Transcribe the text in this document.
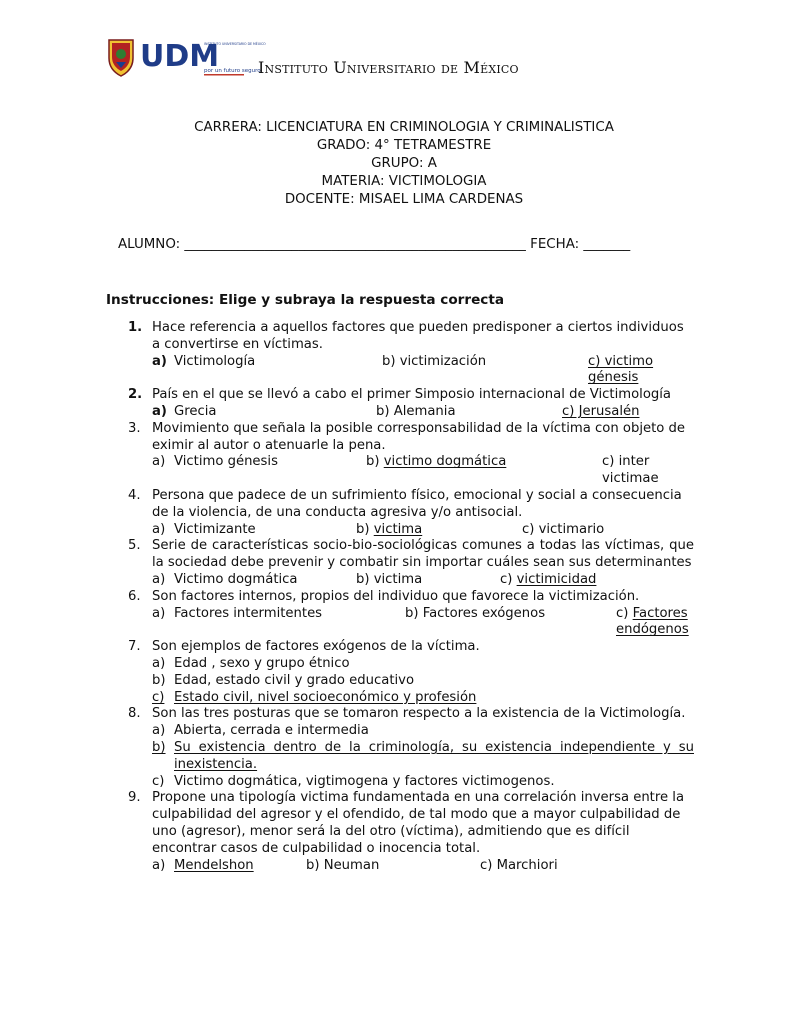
UDM
INSTITUTO UNIVERSITARIO DE MÉXICO
por un futuro seguro
Instituto Universitario de México
CARRERA: LICENCIATURA EN CRIMINOLOGIA Y CRIMINALISTICA
GRADO: 4° TETRAMESTRE
GRUPO: A
MATERIA: VICTIMOLOGIA
DOCENTE: MISAEL LIMA CARDENAS
ALUMNO: ___________________________________________________ FECHA: _______
Instrucciones: Elige y subraya la respuesta correcta
1. Hace referencia a aquellos factores que pueden predisponer a ciertos individuos a convertirse en víctimas.
a) Victimología	b) victimización	c) victimo génesis
2. País en el que se llevó a cabo el primer Simposio internacional de Victimología
a) Grecia	b) Alemania	c) Jerusalén
3. Movimiento que señala la posible corresponsabilidad de la víctima con objeto de eximir al autor o atenuarle la pena.
a) Victimo génesis	b) victimo dogmática	c) inter victimae
4. Persona que padece de un sufrimiento físico, emocional y social a consecuencia de la violencia, de una conducta agresiva y/o antisocial.
a) Victimizante	b) victima	c) victimario
5. Serie de características socio-bio-sociológicas comunes a todas las víctimas, que la sociedad debe prevenir y combatir sin importar cuáles sean sus determinantes
a) Victimo dogmática	b) victima	c) victimicidad
6. Son factores internos, propios del individuo que favorece la victimización.
a) Factores intermitentes	b) Factores exógenos	c) Factores endógenos
7. Son ejemplos de factores exógenos de la víctima.
a) Edad , sexo y grupo étnico
b) Edad, estado civil y grado educativo
c) Estado civil, nivel socioeconómico y profesión
8. Son las tres posturas que se tomaron respecto a la existencia de la Victimología.
a) Abierta, cerrada e intermedia
b) Su existencia dentro de la criminología, su existencia independiente y su inexistencia.
c) Victimo dogmática, vigtimogena y factores victimogenos.
9. Propone una tipología victima fundamentada en una correlación inversa entre la culpabilidad del agresor y el ofendido, de tal modo que a mayor culpabilidad de uno (agresor), menor será la del otro (víctima), admitiendo que es difícil encontrar casos de culpabilidad o inocencia total.
a) Mendelshon	b) Neuman	c) Marchiori
